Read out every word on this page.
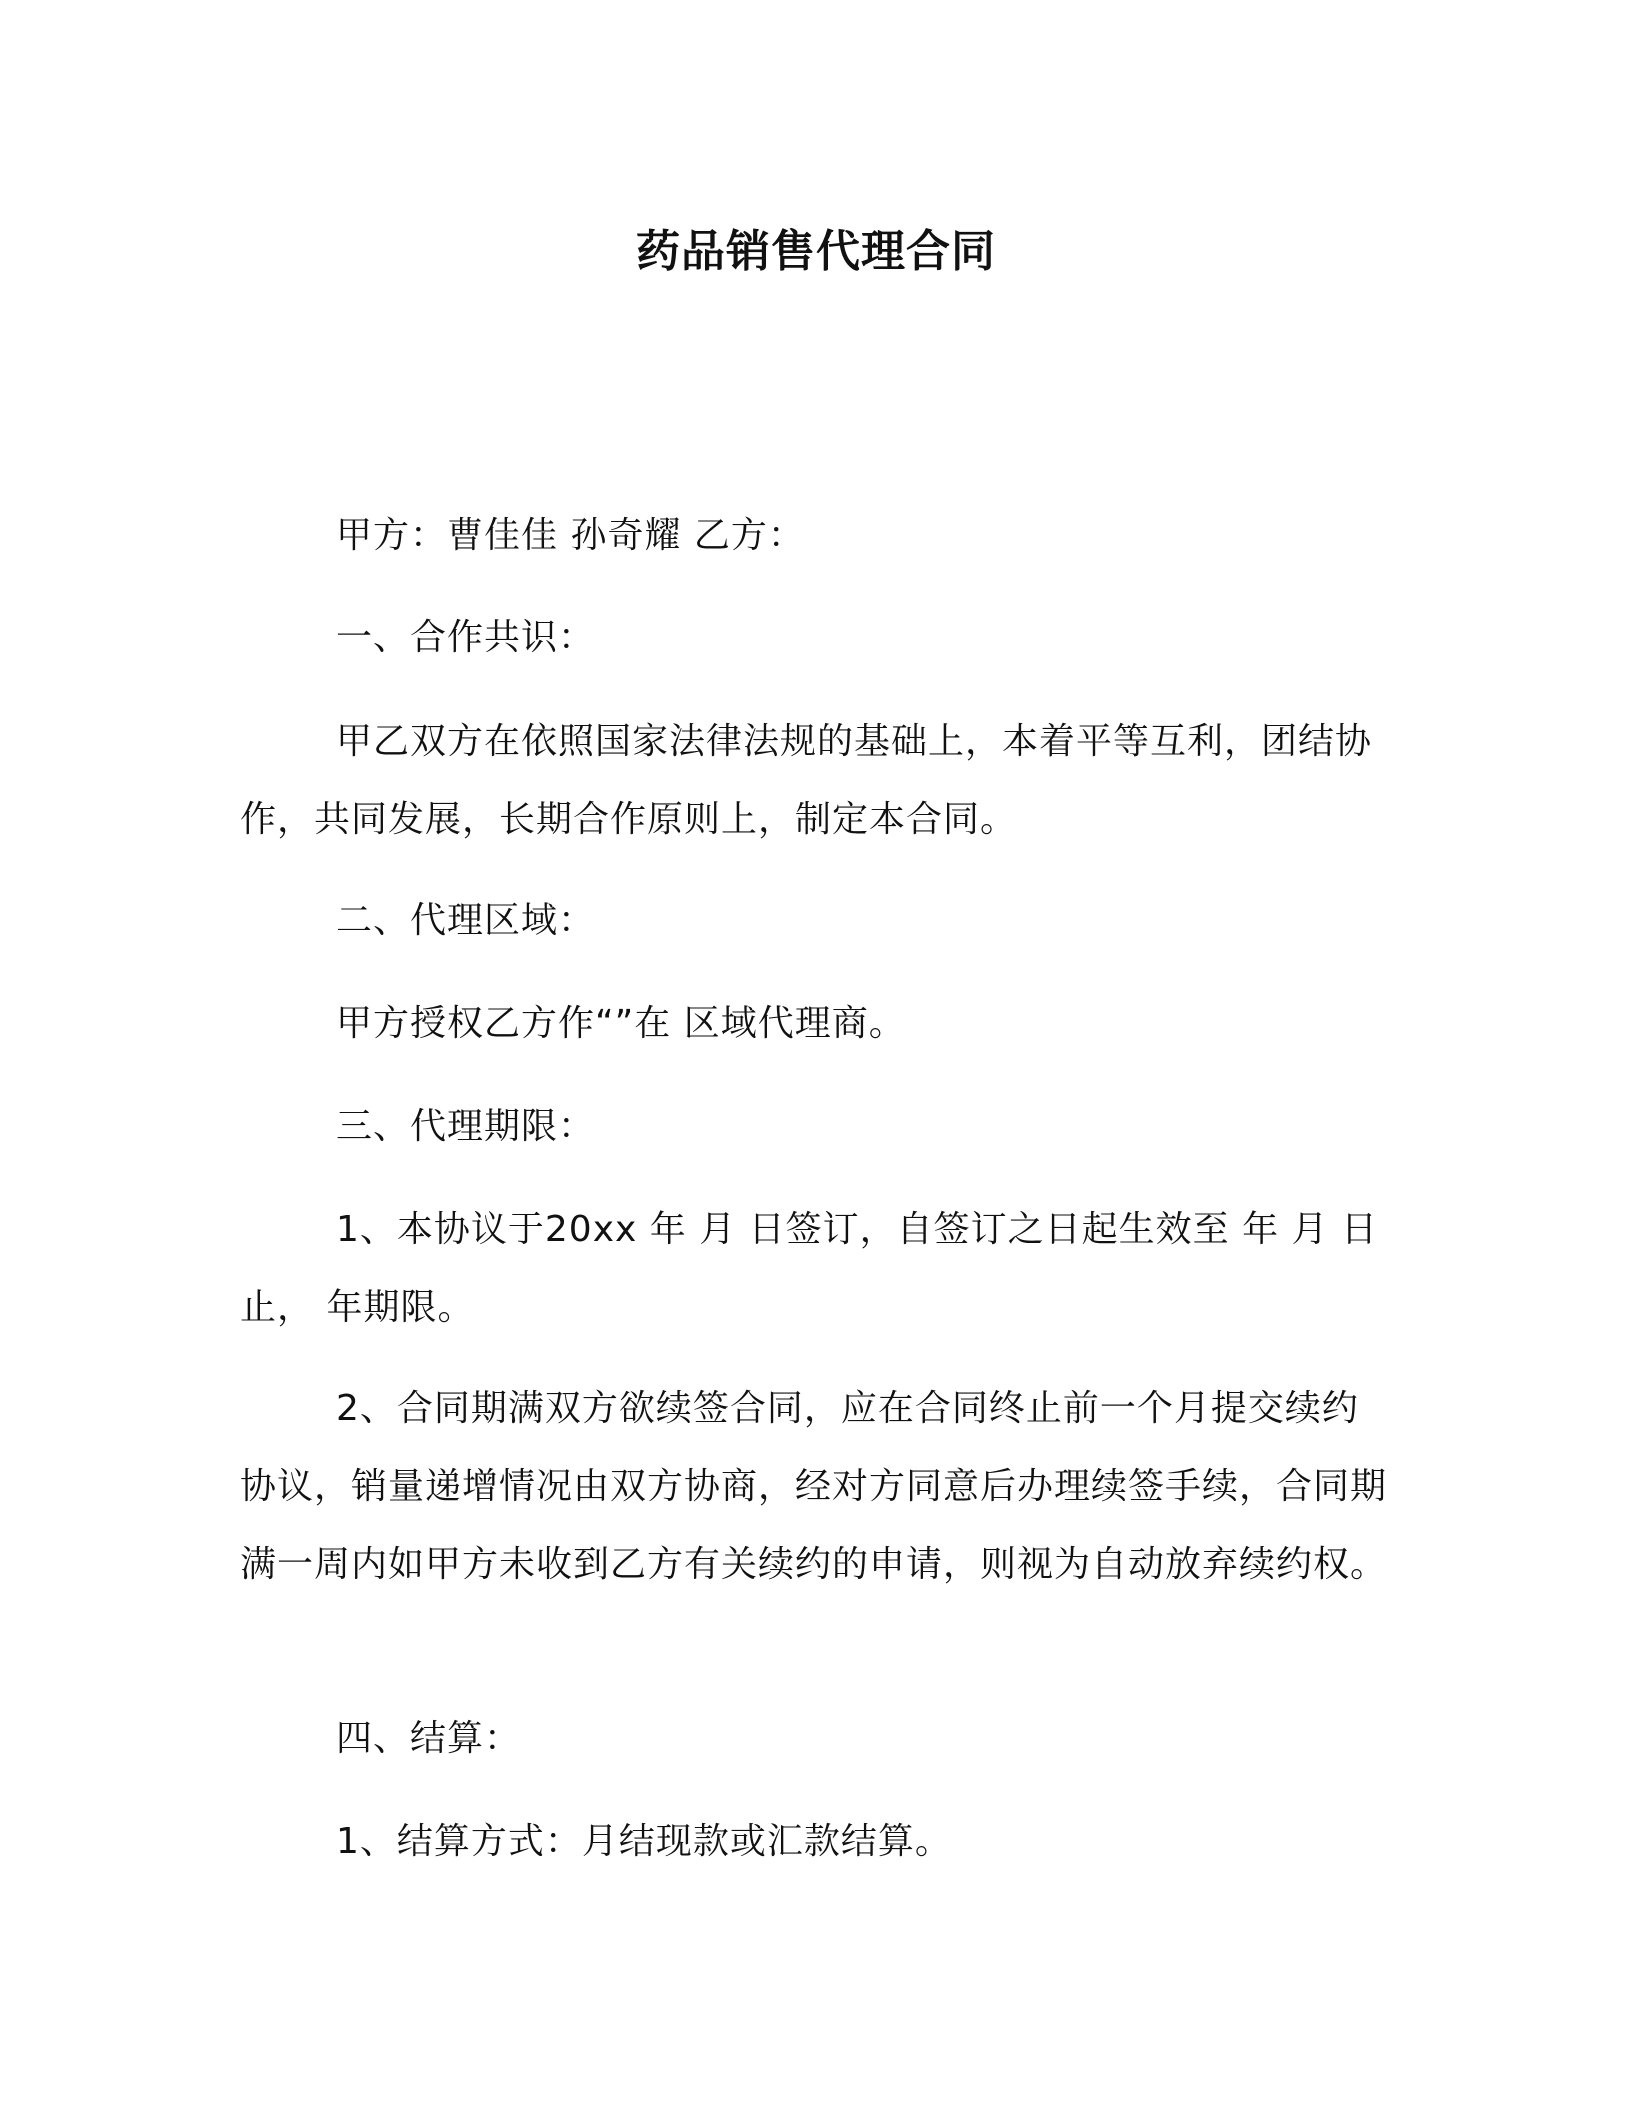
药品销售代理合同
甲方：曹佳佳 孙奇耀 乙方：
一、合作共识：
甲乙双方在依照国家法律法规的基础上，本着平等互利，团结协作，共同发展，长期合作原则上，制定本合同。
二、代理区域：
甲方授权乙方作“”在 区域代理商。
三、代理期限：
1、本协议于20xx 年 月 日签订，自签订之日起生效至 年 月 日止， 年期限。
2、合同期满双方欲续签合同，应在合同终止前一个月提交续约协议，销量递增情况由双方协商，经对方同意后办理续签手续，合同期满一周内如甲方未收到乙方有关续约的申请，则视为自动放弃续约权。
四、结算：
1、结算方式：月结现款或汇款结算。
